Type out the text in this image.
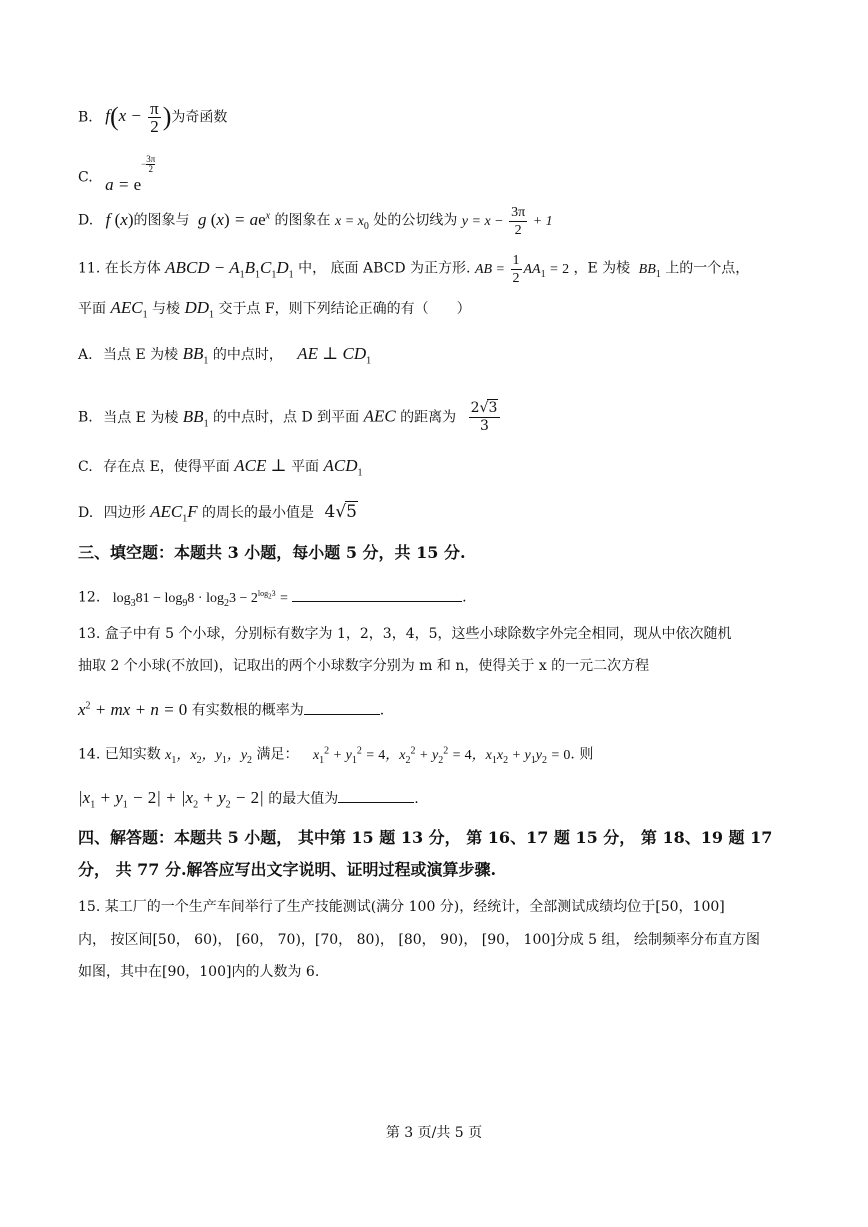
B. $f(x - \frac{\pi}{2}$ )为奇函数
C. $a = e^{- \frac{3\pi}{2}}$
D. f (x)的图象与 g $(x) = ae^x$ 的图象在 $x = x_0$ 处的公切线为 $y = x - \frac{3\pi}{2} + 1$
11. 在长方体 ABCD − $A_1B_1C_1D_1$ 中， 底面 ABCD 为正方形. AB = $\frac{1}{2} AA_1 = 2$ ，E 为棱 $BB_1$ 上的一个点，
平面 $AEC_1$ 与棱 $DD_1$ 交于点 F，则下列结论正确的有（　　）
A. 当点 E 为棱 $BB_1$ 的中点时， AE ⊥ $CD_1$
B. 当点 E 为棱 $BB_1$ 的中点时，点 D 到平面 AEC 的距离为 $\frac{2√3}{3}$
C. 存在点 E，使得平面 ACE ⊥ 平面 $ACD_1$
D. 四边形 $AEC_1F$ 的周长的最小值是 4√5
三、填空题：本题共 3 小题，每小题 5 分，共 15 分.
12. $\log_381 - \log_98 \cdot \log_23 - 2^{log_23}$ =	.
13. 盒子中有 5 个小球，分别标有数字为 1，2，3，4，5，这些小球除数字外完全相同，现从中依次随机
抽取 2 个小球(不放回)，记取出的两个小球数字分别为 m 和 n，使得关于 x 的一元二次方程
$x^2$ + mx + n = 0 有实数根的概率为	.
14. 已知实数 $x_1$，$x_2$，$y_1$，$y_2$ 满足： $x_1^2 + y_1^2 = 4$，$x_2^2 + y_2^2 = 4$，$x_1x_2 + y_1y_2 = 0$. 则
$|x_1 + y_1 - 2| + |x_2 + y_2 - 2|$ 的最大值为	.
四、解答题：本题共 5 小题， 其中第 15 题 13 分， 第 16、17 题 15 分， 第 18、19 题 17
分， 共 77 分.解答应写出文字说明、证明过程或演算步骤.
15. 某工厂的一个生产车间举行了生产技能测试(满分 100 分)，经统计，全部测试成绩均位于[50，100]
内， 按区间[50， 60)， [60， 70)，[70， 80)， [80， 90)， [90， 100]分成 5 组， 绘制频率分布直方图
如图，其中在[90，100]内的人数为 6.
第 3 页/共 5 页
